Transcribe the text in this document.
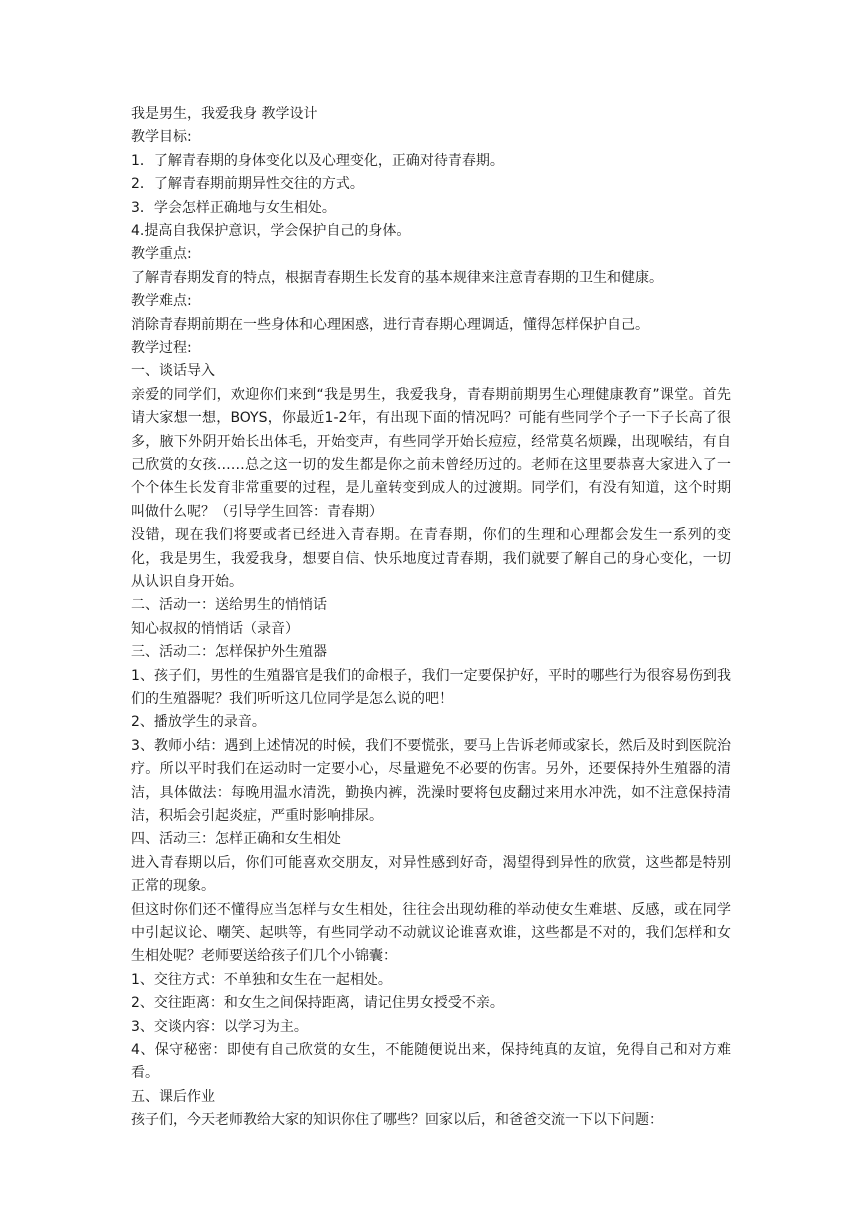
我是男生，我爱我身 教学设计

教学目标:

1．了解青春期的身体变化以及心理变化，正确对待青春期。

2．了解青春期前期异性交往的方式。

3．学会怎样正确地与女生相处。

4.提高自我保护意识，学会保护自己的身体。

教学重点:

了解青春期发育的特点，根据青春期生长发育的基本规律来注意青春期的卫生和健康。

教学难点:

消除青春期前期在一些身体和心理困惑，进行青春期心理调适，懂得怎样保护自己。

教学过程:

一、谈话导入

亲爱的同学们，欢迎你们来到“我是男生，我爱我身，青春期前期男生心理健康教育”课堂。首先请大家想一想，BOYS，你最近1-2年，有出现下面的情况吗？可能有些同学个子一下子长高了很多，腋下外阴开始长出体毛，开始变声，有些同学开始长痘痘，经常莫名烦躁，出现喉结，有自己欣赏的女孩……总之这一切的发生都是你之前未曾经历过的。老师在这里要恭喜大家进入了一个个体生长发育非常重要的过程，是儿童转变到成人的过渡期。同学们，有没有知道，这个时期叫做什么呢？（引导学生回答：青春期）

没错，现在我们将要或者已经进入青春期。在青春期，你们的生理和心理都会发生一系列的变化，我是男生，我爱我身，想要自信、快乐地度过青春期，我们就要了解自己的身心变化，一切从认识自身开始。

二、活动一：送给男生的悄悄话

知心叔叔的悄悄话（录音）

三、活动二：怎样保护外生殖器

1、孩子们，男性的生殖器官是我们的命根子，我们一定要保护好，平时的哪些行为很容易伤到我们的生殖器呢？我们听听这几位同学是怎么说的吧！

2、播放学生的录音。

3、教师小结：遇到上述情况的时候，我们不要慌张，要马上告诉老师或家长，然后及时到医院治疗。所以平时我们在运动时一定要小心，尽量避免不必要的伤害。另外，还要保持外生殖器的清洁，具体做法：每晚用温水清洗，勤换内裤，洗澡时要将包皮翻过来用水冲洗，如不注意保持清洁，积垢会引起炎症，严重时影响排尿。

四、活动三：怎样正确和女生相处

进入青春期以后，你们可能喜欢交朋友，对异性感到好奇，渴望得到异性的欣赏，这些都是特别正常的现象。

但这时你们还不懂得应当怎样与女生相处，往往会出现幼稚的举动使女生难堪、反感，或在同学中引起议论、嘲笑、起哄等，有些同学动不动就议论谁喜欢谁，这些都是不对的，我们怎样和女生相处呢？老师要送给孩子们几个小锦囊：

1、交往方式：不单独和女生在一起相处。

2、交往距离：和女生之间保持距离，请记住男女授受不亲。

3、交谈内容：以学习为主。

4、保守秘密：即使有自己欣赏的女生，不能随便说出来，保持纯真的友谊，免得自己和对方难看。

五、课后作业

孩子们，今天老师教给大家的知识你住了哪些？回家以后，和爸爸交流一下以下问题：
